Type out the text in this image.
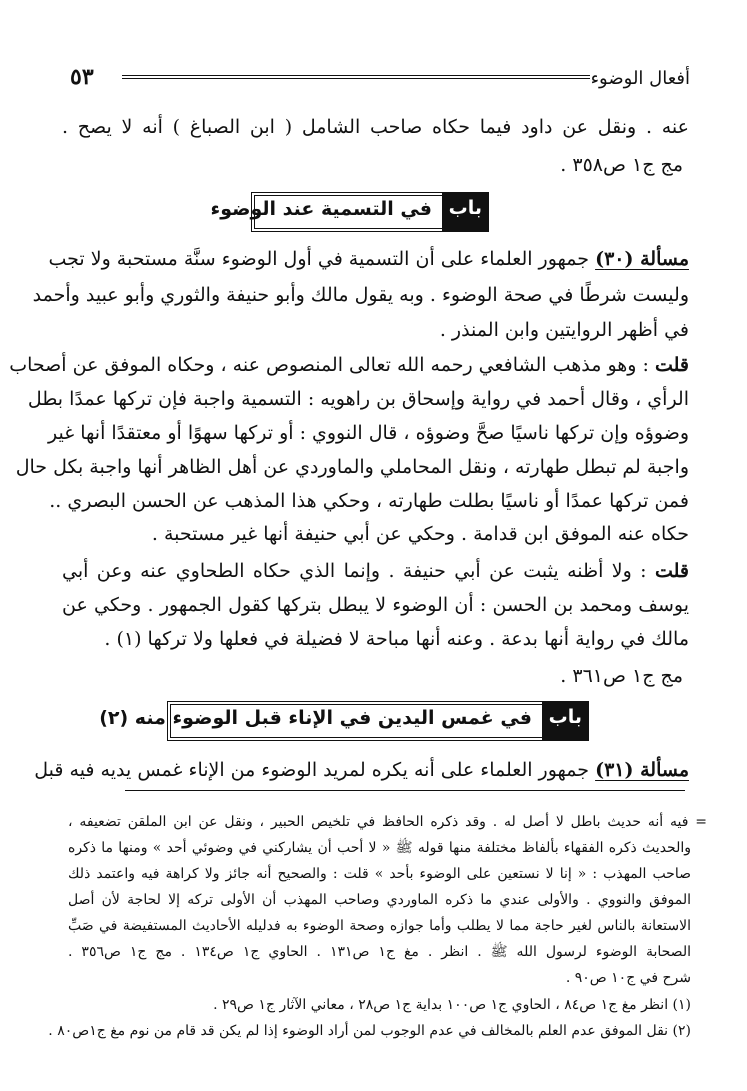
أفعال الوضوء
٥٣
عنه . ونقل عن داود فيما حكاه صاحب الشامل ( ابن الصباغ ) أنه لا يصح .
مج ج١ ص٣٥٨ .
باب
في التسمية عند الوضوء
مسألة (٣٠) جمهور العلماء على أن التسمية في أول الوضوء سنَّة مستحبة ولا تجب
وليست شرطًا في صحة الوضوء . وبه يقول مالك وأبو حنيفة والثوري وأبو عبيد وأحمد
في أظهر الروايتين وابن المنذر .
قلت : وهو مذهب الشافعي رحمه الله تعالى المنصوص عنه ، وحكاه الموفق عن أصحاب
الرأي ، وقال أحمد في رواية وإسحاق بن راهويه : التسمية واجبة فإن تركها عمدًا بطل
وضوؤه وإن تركها ناسيًا صحَّ وضوؤه ، قال النووي : أو تركها سهوًا أو معتقدًا أنها غير
واجبة لم تبطل طهارته ، ونقل المحاملي والماوردي عن أهل الظاهر أنها واجبة بكل حال
فمن تركها عمدًا أو ناسيًا بطلت طهارته ، وحكي هذا المذهب عن الحسن البصري ..
حكاه عنه الموفق ابن قدامة . وحكي عن أبي حنيفة أنها غير مستحبة .
قلت : ولا أظنه يثبت عن أبي حنيفة . وإنما الذي حكاه الطحاوي عنه وعن أبي
يوسف ومحمد بن الحسن : أن الوضوء لا يبطل بتركها كقول الجمهور . وحكي عن
مالك في رواية أنها بدعة . وعنه أنها مباحة لا فضيلة في فعلها ولا تركها (١) .
مج ج١ ص٣٦١ .
باب
في غمس اليدين في الإناء قبل الوضوء منه (٢)
مسألة (٣١) جمهور العلماء على أنه يكره لمريد الوضوء من الإناء غمس يديه فيه قبل
= فيه أنه حديث باطل لا أصل له . وقد ذكره الحافظ في تلخيص الحبير ، ونقل عن ابن الملقن تضعيفه ،
والحديث ذكره الفقهاء بألفاظ مختلفة منها قوله ﷺ « لا أحب أن يشاركني في وضوئي أحد » ومنها ما ذكره
صاحب المهذب : « إنا لا نستعين على الوضوء بأحد » قلت : والصحيح أنه جائز ولا كراهة فيه واعتمد ذلك
الموفق والنووي . والأولى عندي ما ذكره الماوردي وصاحب المهذب أن الأولى تركه إلا لحاجة لأن أصل
الاستعانة بالناس لغير حاجة مما لا يطلب وأما جوازه وصحة الوضوء به فدليله الأحاديث المستفيضة في صَبِّ
الصحابة الوضوء لرسول الله ﷺ . انظر . مغ ج١ ص١٣١ . الحاوي ج١ ص١٣٤ . مج ج١ ص٣٥٦ .
شرح في ج١٠ ص٩٠ .
(١) انظر مغ ج١ ص٨٤ ، الحاوي ج١ ص١٠٠ بداية ج١ ص٢٨ ، معاني الآثار ج١ ص٢٩ .
(٢) نقل الموفق عدم العلم بالمخالف في عدم الوجوب لمن أراد الوضوء إذا لم يكن قد قام من نوم مغ ج١ص٨٠ .
